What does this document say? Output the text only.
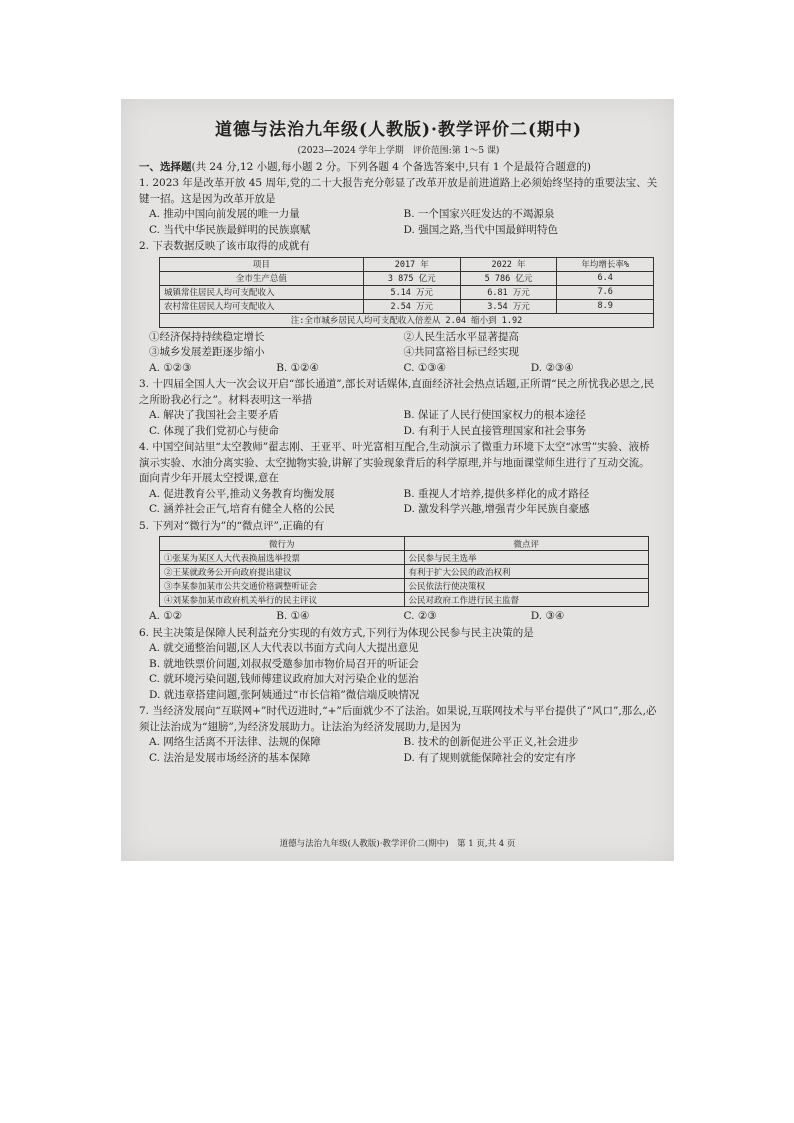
道德与法治九年级(人教版)·教学评价二(期中)
(2023—2024 学年上学期　评价范围:第 1～5 课)
一、选择题(共 24 分,12 小题,每小题 2 分。下列各题 4 个备选答案中,只有 1 个是最符合题意的)
1. 2023 年是改革开放 45 周年,党的二十大报告充分彰显了改革开放是前进道路上必须始终坚持的重要法宝、关键一招。这是因为改革开放是
A. 推动中国向前发展的唯一力量	B. 一个国家兴旺发达的不竭源泉
C. 当代中华民族最鲜明的民族禀赋	D. 强国之路,当代中国最鲜明特色
2. 下表数据反映了该市取得的成就有
项目	2017 年	2022 年	年均增长率%
全市生产总值	3 875 亿元	5 786 亿元	6.4
城镇常住居民人均可支配收入	5.14 万元	6.81 万元	7.6
农村常住居民人均可支配收入	2.54 万元	3.54 万元	8.9
注:全市城乡居民人均可支配收入倍差从 2.04 缩小到 1.92			
①经济保持持续稳定增长	②人民生活水平显著提高
③城乡发展差距逐步缩小	④共同富裕目标已经实现
A. ①②③	B. ①②④	C. ①③④	D. ②③④
3. 十四届全国人大一次会议开启“部长通道”,部长对话媒体,直面经济社会热点话题,正所谓“民之所忧我必思之,民之所盼我必行之”。材料表明这一举措
A. 解决了我国社会主要矛盾	B. 保证了人民行使国家权力的根本途径
C. 体现了我们党初心与使命	D. 有利于人民直接管理国家和社会事务
4. 中国空间站里“太空教师”翟志刚、王亚平、叶光富相互配合,生动演示了微重力环境下太空“冰雪”实验、液桥演示实验、水油分离实验、太空抛物实验,讲解了实验现象背后的科学原理,并与地面课堂师生进行了互动交流。面向青少年开展太空授课,意在
A. 促进教育公平,推动义务教育均衡发展	B. 重视人才培养,提供多样化的成才路径
C. 涵养社会正气,培育有健全人格的公民	D. 激发科学兴趣,增强青少年民族自豪感
5. 下列对“微行为”的“微点评”,正确的有
微行为	微点评
①张某为某区人大代表换届选举投票	公民参与民主选举
②王某就政务公开向政府提出建议	有利于扩大公民的政治权利
③李某参加某市公共交通价格调整听证会	公民依法行使决策权
④刘某参加某市政府机关举行的民主评议	公民对政府工作进行民主监督
A. ①②	B. ①④	C. ②③	D. ③④
6. 民主决策是保障人民利益充分实现的有效方式,下列行为体现公民参与民主决策的是
A. 就交通整治问题,区人大代表以书面方式向人大提出意见
B. 就地铁票价问题,刘叔叔受邀参加市物价局召开的听证会
C. 就环境污染问题,钱师傅建议政府加大对污染企业的惩治
D. 就违章搭建问题,张阿姨通过“市长信箱”微信端反映情况
7. 当经济发展向“互联网+”时代迈进时,“+”后面就少不了法治。如果说,互联网技术与平台提供了“风口”,那么,必须让法治成为“翅膀”,为经济发展助力。让法治为经济发展助力,是因为
A. 网络生活离不开法律、法规的保障	B. 技术的创新促进公平正义,社会进步
C. 法治是发展市场经济的基本保障	D. 有了规则就能保障社会的安定有序
道德与法治九年级(人教版)·教学评价二(期中)　第 1 页,共 4 页
